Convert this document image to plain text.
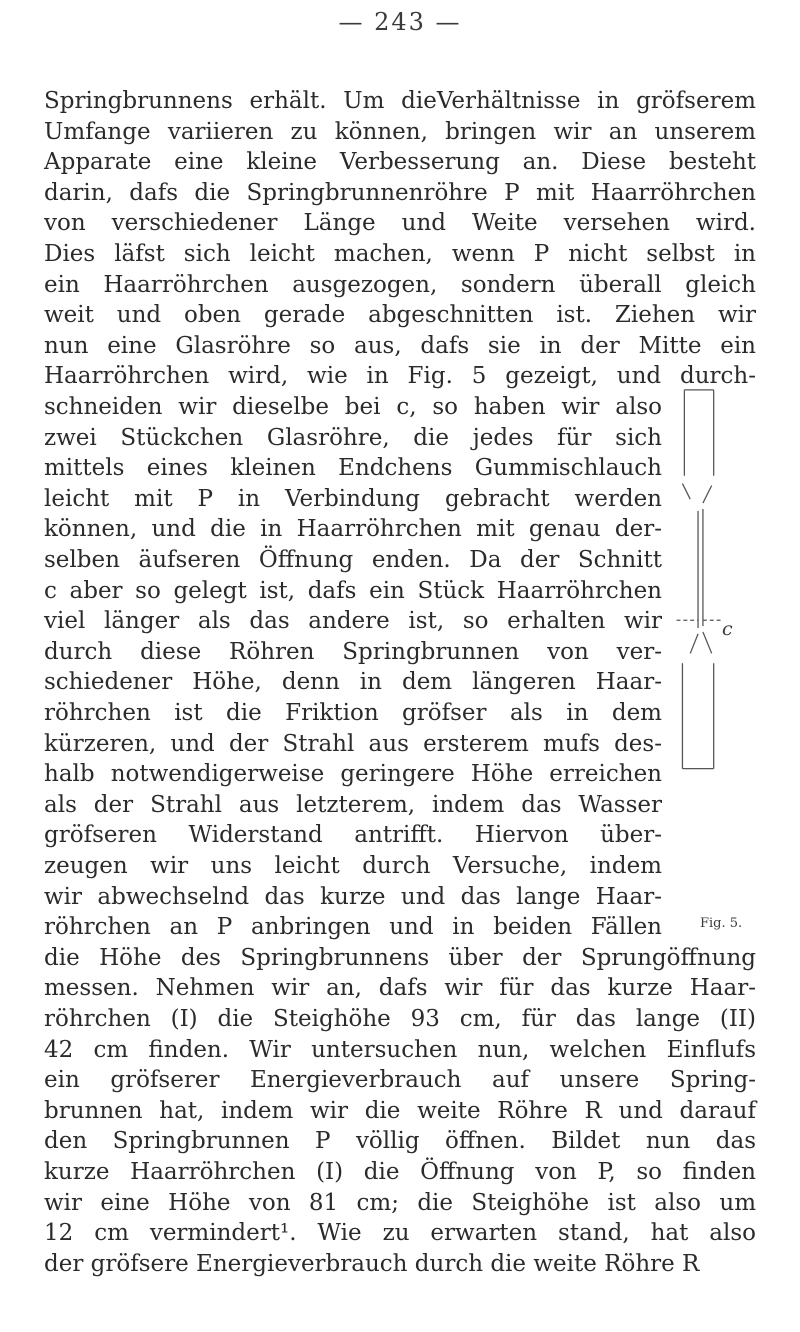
— 243 —
Springbrunnens erhält. Um dieVerhältnisse in gröfserem
Umfange variieren zu können, bringen wir an unserem
Apparate eine kleine Verbesserung an. Diese besteht
darin, dafs die Springbrunnenröhre P mit Haarröhrchen
von verschiedener Länge und Weite versehen wird.
Dies läfst sich leicht machen, wenn P nicht selbst in
ein Haarröhrchen ausgezogen, sondern überall gleich
weit und oben gerade abgeschnitten ist. Ziehen wir
nun eine Glasröhre so aus, dafs sie in der Mitte ein
Haarröhrchen wird, wie in Fig. 5 gezeigt, und durch-
schneiden wir dieselbe bei c, so haben wir also
zwei Stückchen Glasröhre, die jedes für sich
mittels eines kleinen Endchens Gummischlauch
leicht mit P in Verbindung gebracht werden
können, und die in Haarröhrchen mit genau der-
selben äufseren Öffnung enden. Da der Schnitt
c aber so gelegt ist, dafs ein Stück Haarröhrchen
viel länger als das andere ist, so erhalten wir
durch diese Röhren Springbrunnen von ver-
schiedener Höhe, denn in dem längeren Haar-
röhrchen ist die Friktion gröfser als in dem
kürzeren, und der Strahl aus ersterem mufs des-
halb notwendigerweise geringere Höhe erreichen
als der Strahl aus letzterem, indem das Wasser
gröfseren Widerstand antrifft. Hiervon über-
zeugen wir uns leicht durch Versuche, indem
wir abwechselnd das kurze und das lange Haar-
röhrchen an P anbringen und in beiden Fällen
die Höhe des Springbrunnens über der Sprungöffnung
messen. Nehmen wir an, dafs wir für das kurze Haar-
röhrchen (I) die Steighöhe 93 cm, für das lange (II)
42 cm finden. Wir untersuchen nun, welchen Einflufs
ein gröfserer Energieverbrauch auf unsere Spring-
brunnen hat, indem wir die weite Röhre R und darauf
den Springbrunnen P völlig öffnen. Bildet nun das
kurze Haarröhrchen (I) die Öffnung von P, so finden
wir eine Höhe von 81 cm; die Steighöhe ist also um
12 cm vermindert¹. Wie zu erwarten stand, hat also
der gröfsere Energieverbrauch durch die weite Röhre R
c
Fig. 5.
